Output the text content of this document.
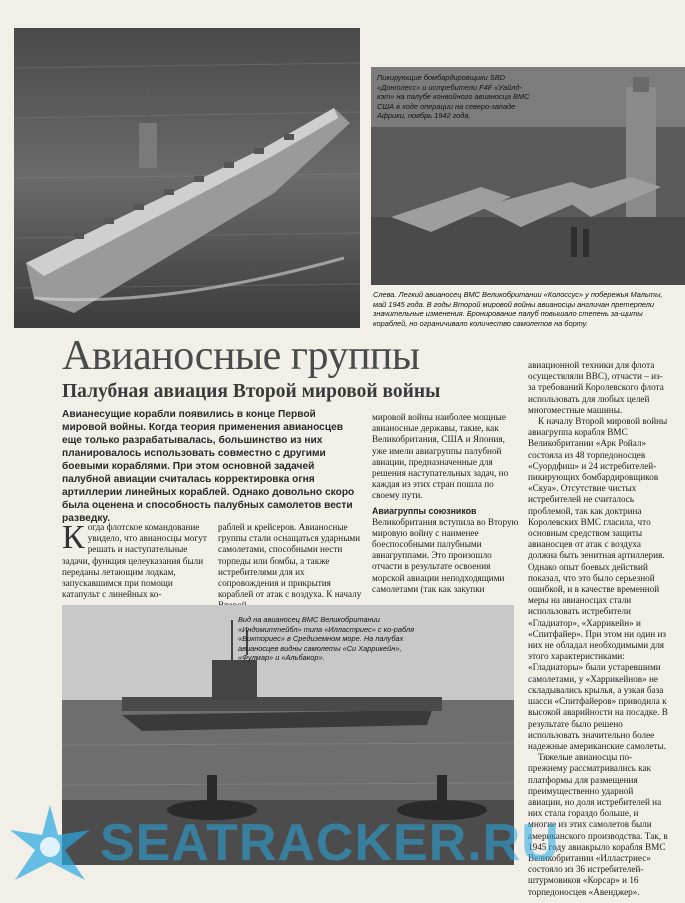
Пикирующие бомбардировщики SBD «Донтлесс» и истребители F4F «Уайлд-кэт» на палубе конвойного авианосца ВМС США в ходе операции на северо-западе Африки, ноябрь 1942 года.
Слева. Легкий авианосец ВМС Великобритании «Колоссус» у побережья Мальты, май 1945 года. В годы Второй мировой войны авианосцы англичан претерпели значительные изменения. Бронирование палуб повышало степень за-щиты кораблей, но ограничивало количество самолетов на борту.
Авианосные группы
Палубная авиация Второй мировой войны

Авианесущие корабли появились в конце Первой мировой войны. Когда теория применения авианосцев еще только разрабатывалась, большинство из них планировалось использовать совместно с другими боевыми кораблями. При этом основной задачей палубной авиации считалась корректировка огня артиллерии линейных кораблей. Однако довольно скоро была оценена и способность палубных самолетов вести разведку.

Когда флотское командование увидело, что авианосцы могут решать и наступательные задачи, функция целеуказания были переданы летающим лодкам, запускавшимся при помощи катапульт с линейных ко-

раблей и крейсеров. Авианосные группы стали оснащаться ударными самолетами, способными нести торпеды или бомбы, а также истребителями для их сопровождения и прикрытия кораблей от атак с воздуха. К началу

мировой войны наиболее мощные авианосные державы, такие, как Великобритания, США и Япония, уже имели авиагруппы палубной авиации, предназначенные для решения наступательных задач, но каждая из этих стран пошла по своему пути.

Авиагруппы союзников

Великобритания вступила во Вторую мировую войну с наименее боеспособными палубными авиагруппами. Это произошло отчасти в результате освоения морской авиации неподходящими самолетами (так как закупки

авиационной техники для флота осуществляли ВВС), отчасти – из-за требований Королевского флота использовать для любых целей многоместные машины.

К началу Второй мировой войны авиагруппа корабля ВМС Великобритании «Арк Ройал» состояла из 48 торпедоносцев «Суордфиш» и 24 истребителей-пикирующих бомбардировщиков «Скуа». Отсутствие чистых истребителей не считалось проблемой, так как доктрина Королевских ВМС гласила, что основным средством защиты авианосцев от атак с воздуха должна быть зенитная артиллерия. Однако опыт боевых действий показал, что это было серьезной ошибкой, и в качестве временной меры на авианосцах стали использовать истребители «Гладиатор», «Харрикейн» и «Спитфайер». При этом ни один из них не обладал необходимыми для этого характеристиками: «Гладиаторы» были устаревшими самолетами, у «Харрикейнов» не складывались крылья, а узкая база шасси «Спитфайеров» приводила к высокой аварийности на посадке. В результате было решено использовать значительно более надежные американские самолеты.

Тяжелые авианосцы по-прежнему рассматривались как платформы для размещения преимущественно ударной авиации, но доля истребителей на них стала гораздо больше, и многие из этих самолетов были американского производства. Так, в 1945 году авиакрыло корабля ВМС Великобритании «Илластриес» состояло из 36 истребителей-штурмовиков «Корсар» и 16 торпедоносцев «Авенджер».

Вид на авианосец ВМС Великобритании «Индомиттейбл» типа «Илластриес» с ко-рабля «Викториес» в Средиземном море. На палубах авианосцев видны самолеты «Си Харрикейн», «Фулмар» и «Альбакор».
SEATRACKER.RU
